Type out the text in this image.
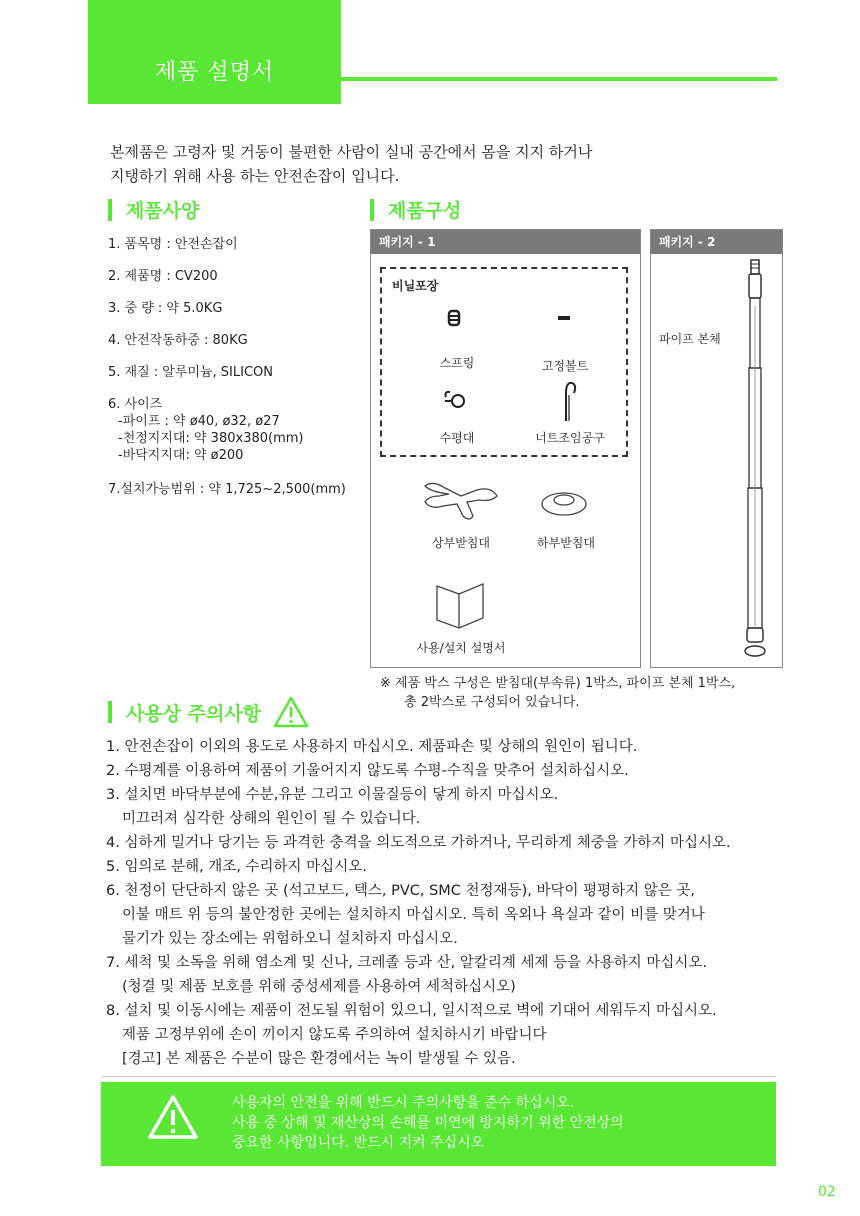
제품 설명서
본제품은 고령자 및 거동이 불편한 사람이 실내 공간에서 몸을 지지 하거나
지탱하기 위해 사용 하는 안전손잡이 입니다.
제품사양	제품구성
1. 품목명 : 안전손잡이
2. 제품명 : CV200
3. 중 량 : 약 5.0KG
4. 안전작동하중 : 80KG
5. 재질 : 알루미늄, SILICON
6. 사이즈
-파이프 : 약 ø40, ø32, ø27
-천정지지대: 약 380x380(mm)
-바닥지지대: 약 ø200
7.설치가능범위 : 약 1,725~2,500(mm)
패키지 - 1
비닐포장
스프링	고정볼트
수평대	너트조임공구
상부받침대	하부받침대
사용/설치 설명서
패키지 - 2
파이프 본체
※ 제품 박스 구성은 받침대(부속류) 1박스, 파이프 본체 1박스,
총 2박스로 구성되어 있습니다.
사용상 주의사항

1. 안전손잡이 이외의 용도로 사용하지 마십시오. 제품파손 및 상해의 원인이 됩니다.

2. 수평계를 이용하여 제품이 기울어지지 않도록 수평-수직을 맞추어 설치하십시오.

3. 설치면 바닥부분에 수분,유분 그리고 이물질등이 닿게 하지 마십시오.

미끄러져 심각한 상해의 원인이 될 수 있습니다.

4. 심하게 밀거나 당기는 등 과격한 충격을 의도적으로 가하거나, 무리하게 체중을 가하지 마십시오.

5. 임의로 분해, 개조, 수리하지 마십시오.

6. 천정이 단단하지 않은 곳 (석고보드, 텍스, PVC, SMC 천정재등), 바닥이 평평하지 않은 곳,

이불 매트 위 등의 불안정한 곳에는 설치하지 마십시오. 특히 옥외나 욕실과 같이 비를 맞거나

물기가 있는 장소에는 위험하오니 설치하지 마십시오.

7. 세척 및 소독을 위해 염소계 및 신나, 크레졸 등과 산, 알칼리계 세제 등을 사용하지 마십시오.

(청결 및 제품 보호를 위해 중성세제를 사용하여 세척하십시오)

8. 설치 및 이동시에는 제품이 전도될 위험이 있으니, 일시적으로 벽에 기대어 세워두지 마십시오.

제품 고정부위에 손이 끼이지 않도록 주의하여 설치하시기 바랍니다

[경고] 본 제품은 수분이 많은 환경에서는 녹이 발생될 수 있음.

사용자의 안전을 위해 반드시 주의사항을 준수 하십시오.
사용 중 상해 및 재산상의 손해를 미연에 방지하기 위한 안전상의
중요한 사항입니다. 반드시 지켜 주십시오
02
